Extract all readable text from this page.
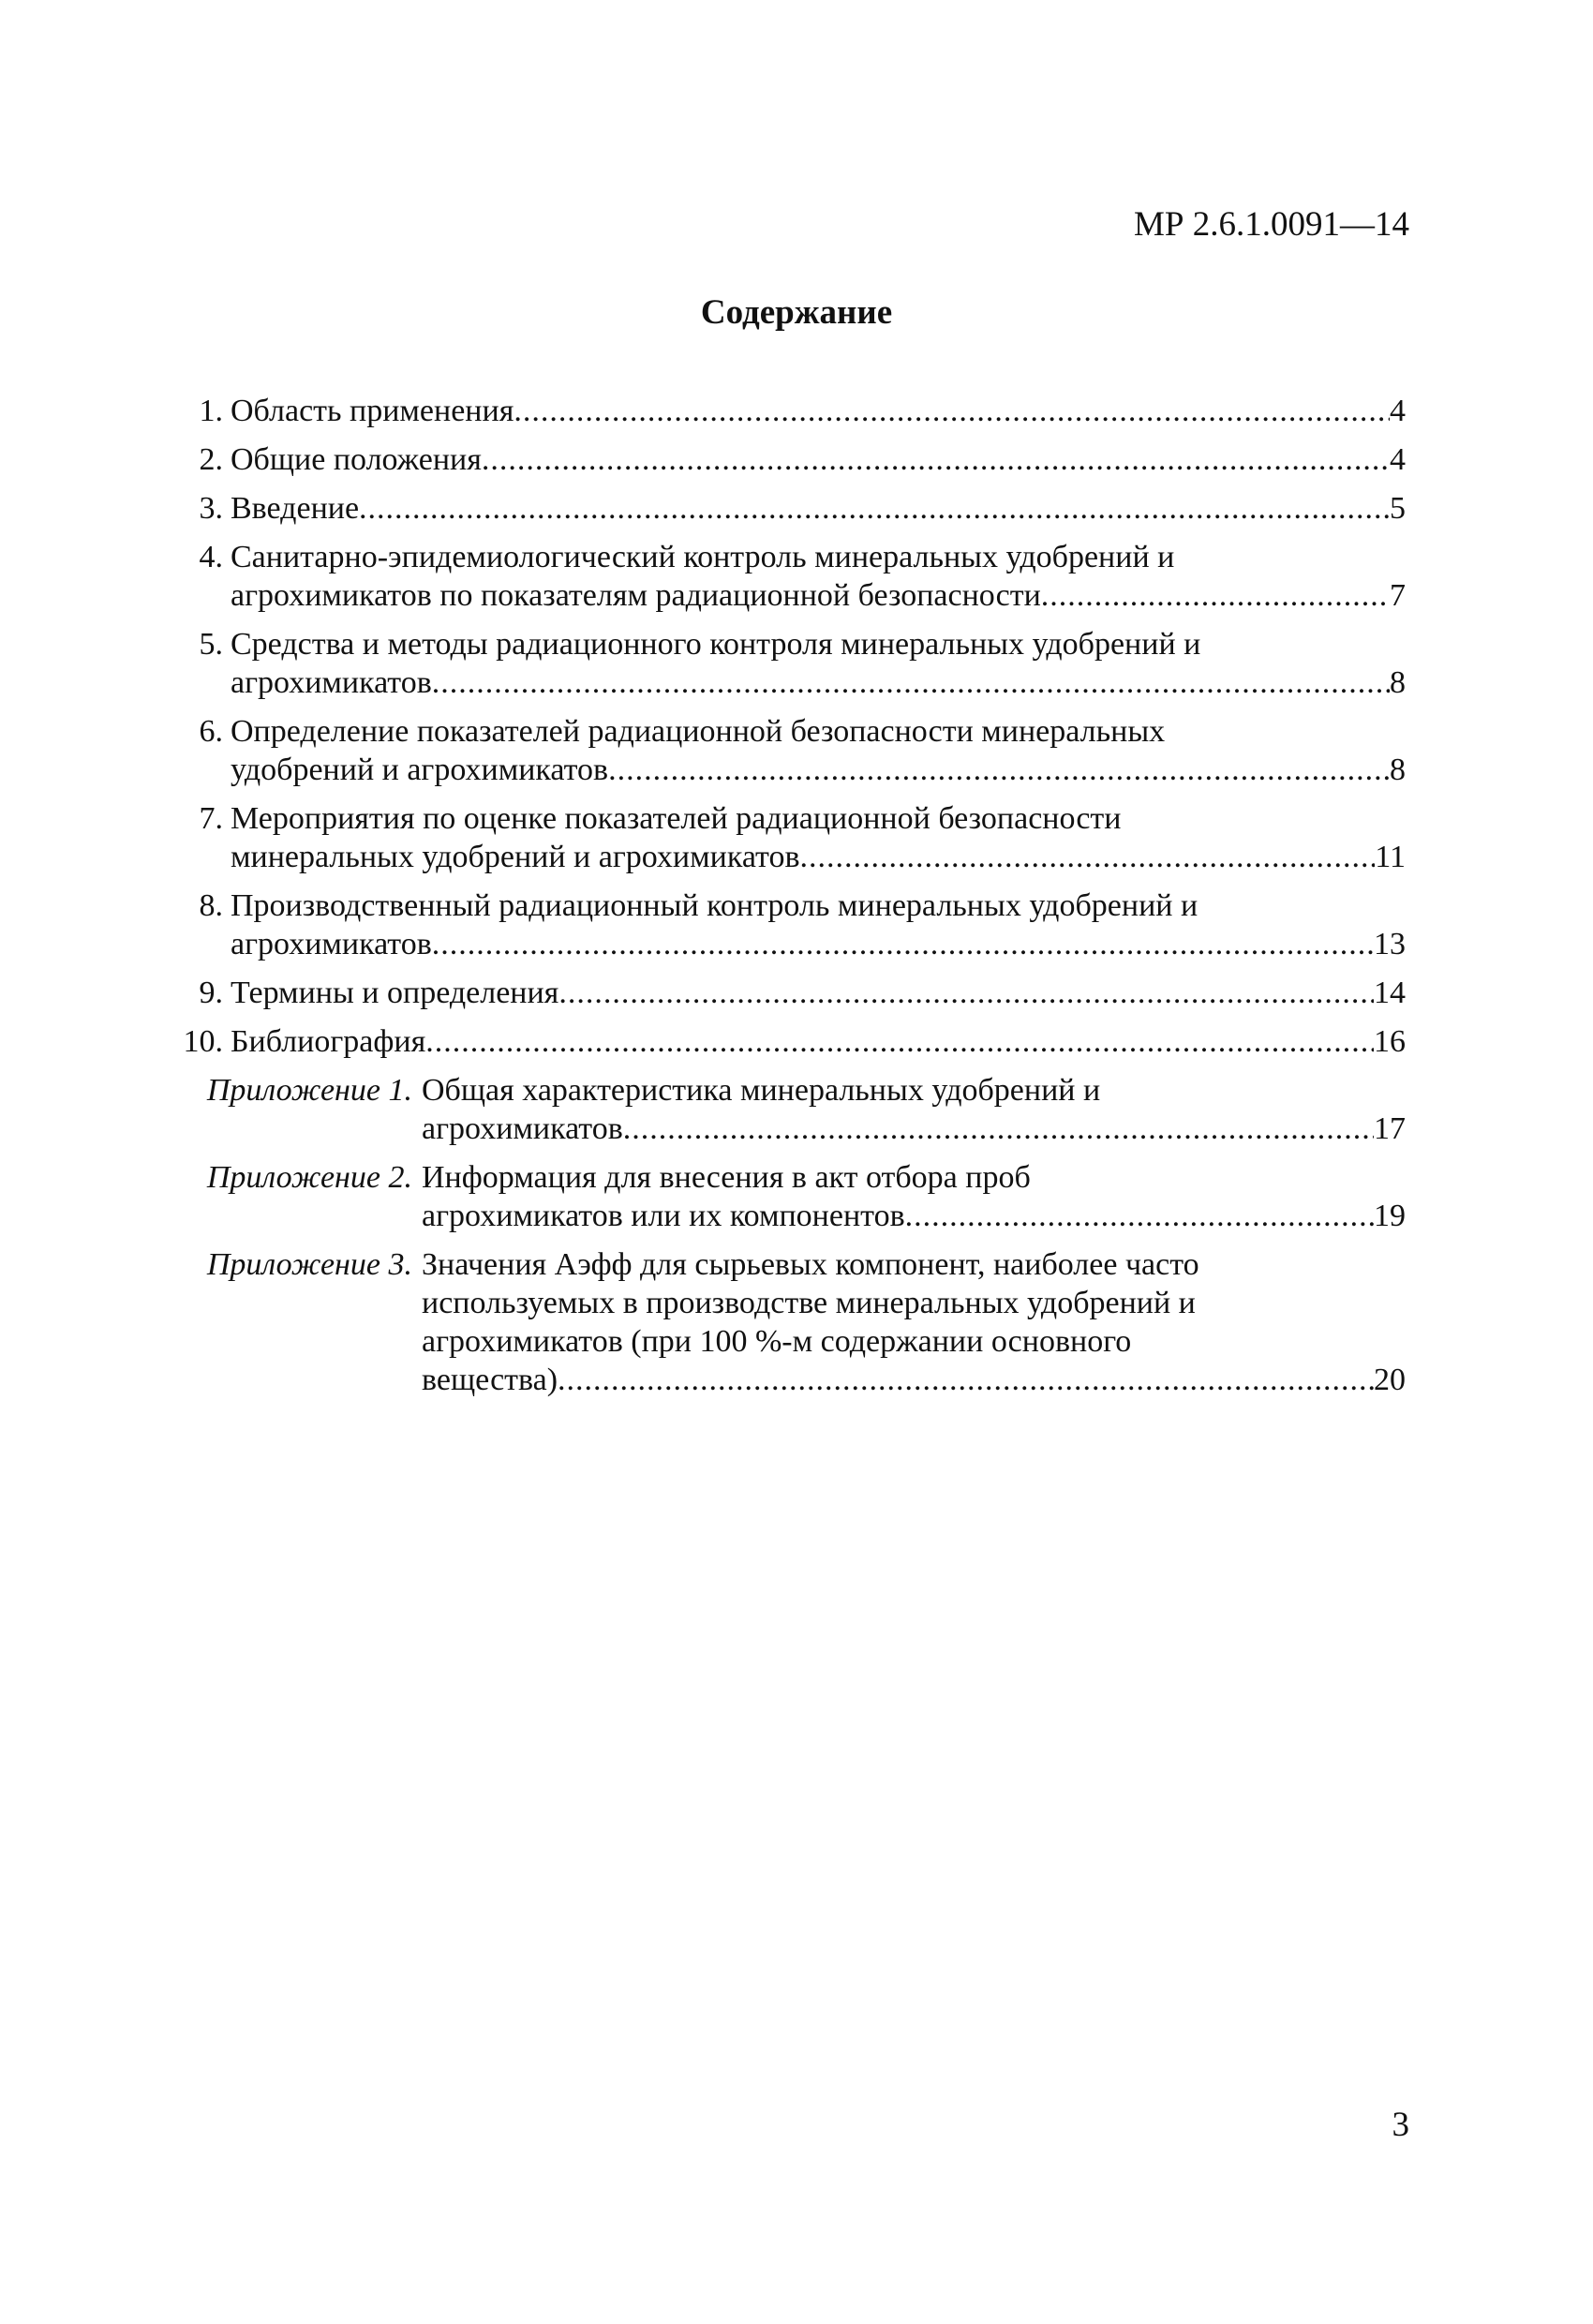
МР 2.6.1.0091—14
Содержание
1. Область применения .....	4
2. Общие положения .....	4
3. Введение .....	5
4. Санитарно-эпидемиологический контроль минеральных удобрений и
агрохимикатов по показателям радиационной безопасности .....	7
5. Средства и методы радиационного контроля минеральных удобрений и
агрохимикатов .....	8
6. Определение показателей радиационной безопасности минеральных
удобрений и агрохимикатов .....	8
7. Мероприятия по оценке показателей радиационной безопасности
минеральных удобрений и агрохимикатов .....	11
8. Производственный радиационный контроль минеральных удобрений и
агрохимикатов .....	13
9. Термины и определения .....	14
10. Библиография .....	16
Приложение 1. Общая характеристика минеральных удобрений и
агрохимикатов .....	17
Приложение 2. Информация для внесения в акт отбора проб
агрохимикатов или их компонентов .....	19
Приложение 3. Значения Aэфф для сырьевых компонент, наиболее часто
используемых в производстве минеральных удобрений и
агрохимикатов (при 100 %-м содержании основного
вещества) .....	20
3
